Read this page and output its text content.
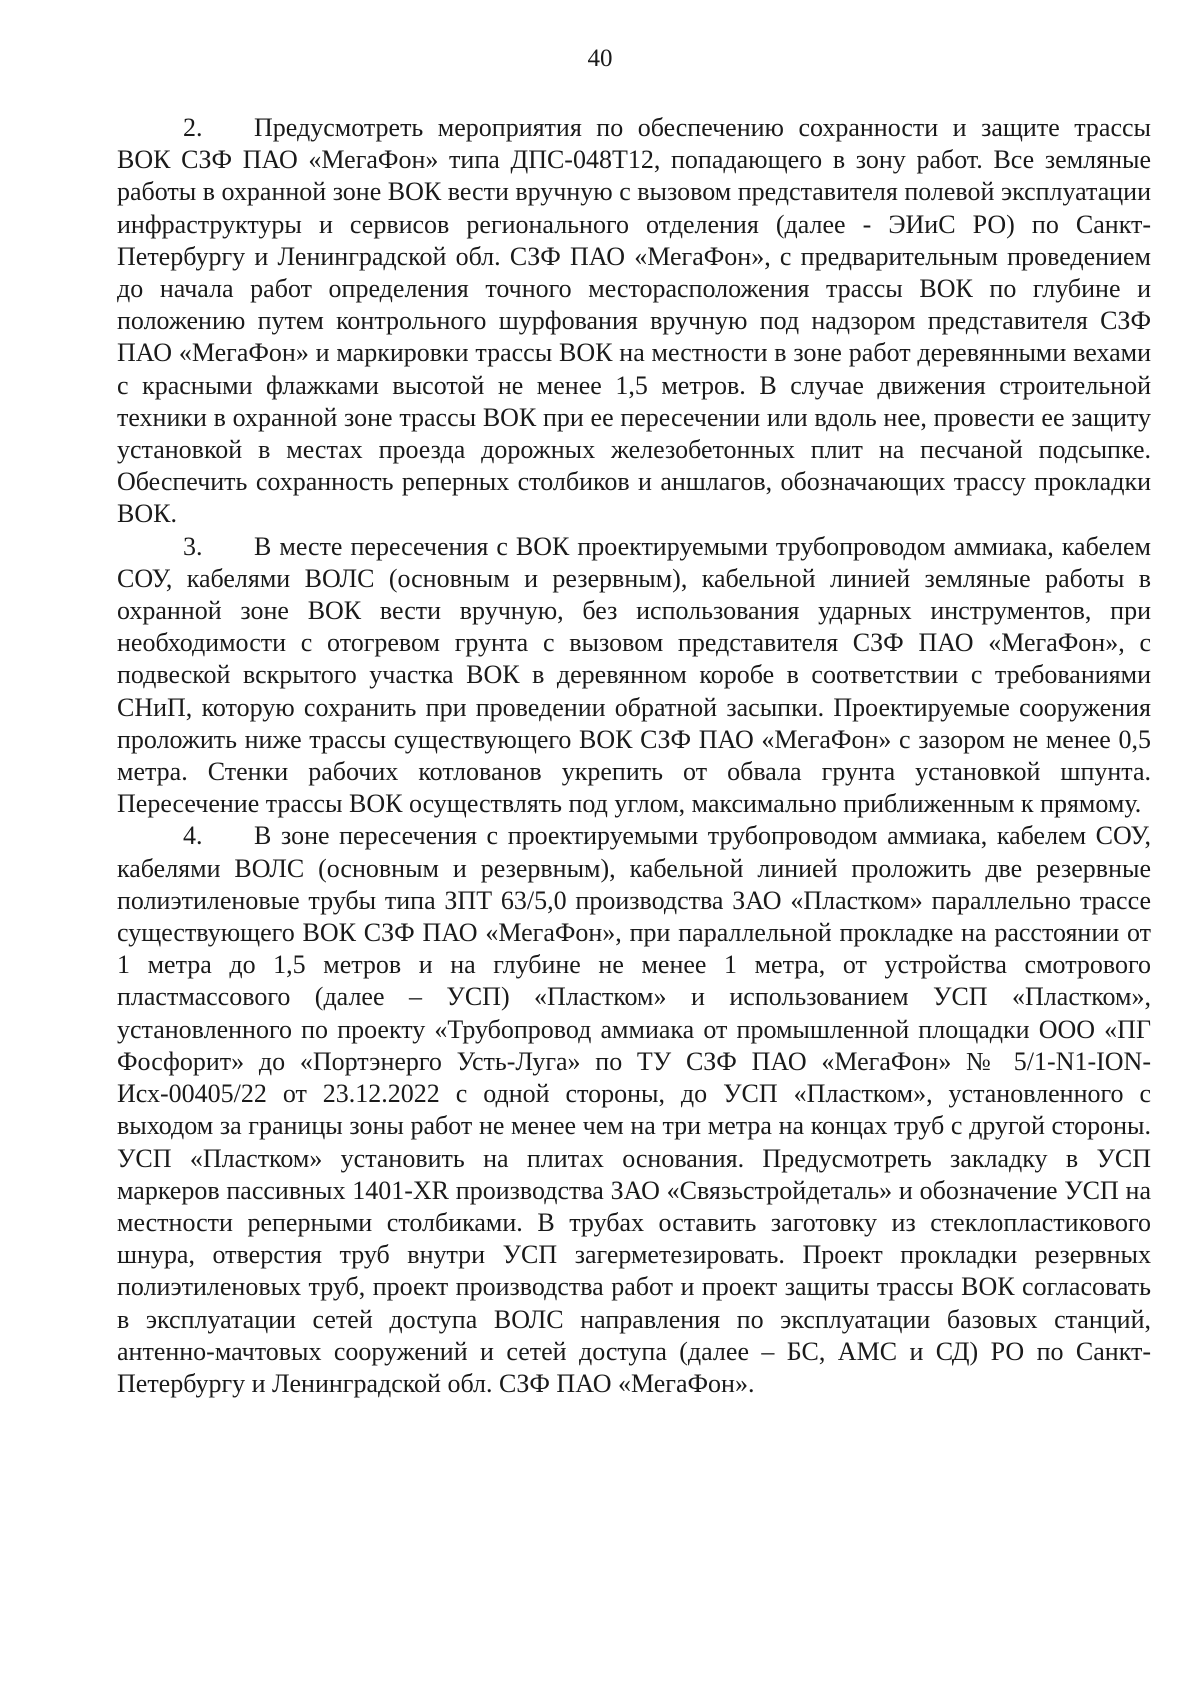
40

2. Предусмотреть мероприятия по обеспечению сохранности и защите трассы ВОК СЗФ ПАО «МегаФон» типа ДПС-048Т12, попадающего в зону работ. Все земляные работы в охранной зоне ВОК вести вручную с вызовом представителя полевой эксплуатации инфраструктуры и сервисов регионального отделения (далее - ЭИиС РО) по Санкт-Петербургу и Ленинградской обл. СЗФ ПАО «МегаФон», с предварительным проведением до начала работ определения точного месторасположения трассы ВОК по глубине и положению путем контрольного шурфования вручную под надзором представителя СЗФ ПАО «МегаФон» и маркировки трассы ВОК на местности в зоне работ деревянными вехами с красными флажками высотой не менее 1,5 метров. В случае движения строительной техники в охранной зоне трассы ВОК при ее пересечении или вдоль нее, провести ее защиту установкой в местах проезда дорожных железобетонных плит на песчаной подсыпке. Обеспечить сохранность реперных столбиков и аншлагов, обозначающих трассу прокладки ВОК.

3. В месте пересечения с ВОК проектируемыми трубопроводом аммиака, кабелем СОУ, кабелями ВОЛС (основным и резервным), кабельной линией земляные работы в охранной зоне ВОК вести вручную, без использования ударных инструментов, при необходимости с отогревом грунта с вызовом представителя СЗФ ПАО «МегаФон», с подвеской вскрытого участка ВОК в деревянном коробе в соответствии с требованиями СНиП, которую сохранить при проведении обратной засыпки. Проектируемые сооружения проложить ниже трассы существующего ВОК СЗФ ПАО «МегаФон» с зазором не менее 0,5 метра. Стенки рабочих котлованов укрепить от обвала грунта установкой шпунта. Пересечение трассы ВОК осуществлять под углом, максимально приближенным к прямому.

4. В зоне пересечения с проектируемыми трубопроводом аммиака, кабелем СОУ, кабелями ВОЛС (основным и резервным), кабельной линией проложить две резервные полиэтиленовые трубы типа ЗПТ 63/5,0 производства ЗАО «Пластком» параллельно трассе существующего ВОК СЗФ ПАО «МегаФон», при параллельной прокладке на расстоянии от 1 метра до 1,5 метров и на глубине не менее 1 метра, от устройства смотрового пластмассового (далее – УСП) «Пластком» и использованием УСП «Пластком», установленного по проекту «Трубопровод аммиака от промышленной площадки ООО «ПГ Фосфорит» до «Портэнерго Усть-Луга» по ТУ СЗФ ПАО «МегаФон» № 5/1-N1-ION-Исх-00405/22 от 23.12.2022 с одной стороны, до УСП «Пластком», установленного с выходом за границы зоны работ не менее чем на три метра на концах труб с другой стороны. УСП «Пластком» установить на плитах основания. Предусмотреть закладку в УСП маркеров пассивных 1401-XR производства ЗАО «Связьстройдеталь» и обозначение УСП на местности реперными столбиками. В трубах оставить заготовку из стеклопластикового шнура, отверстия труб внутри УСП загерметезировать. Проект прокладки резервных полиэтиленовых труб, проект производства работ и проект защиты трассы ВОК согласовать в эксплуатации сетей доступа ВОЛС направления по эксплуатации базовых станций, антенно-мачтовых сооружений и сетей доступа (далее – БС, АМС и СД) РО по Санкт-Петербургу и Ленинградской обл. СЗФ ПАО «МегаФон».
